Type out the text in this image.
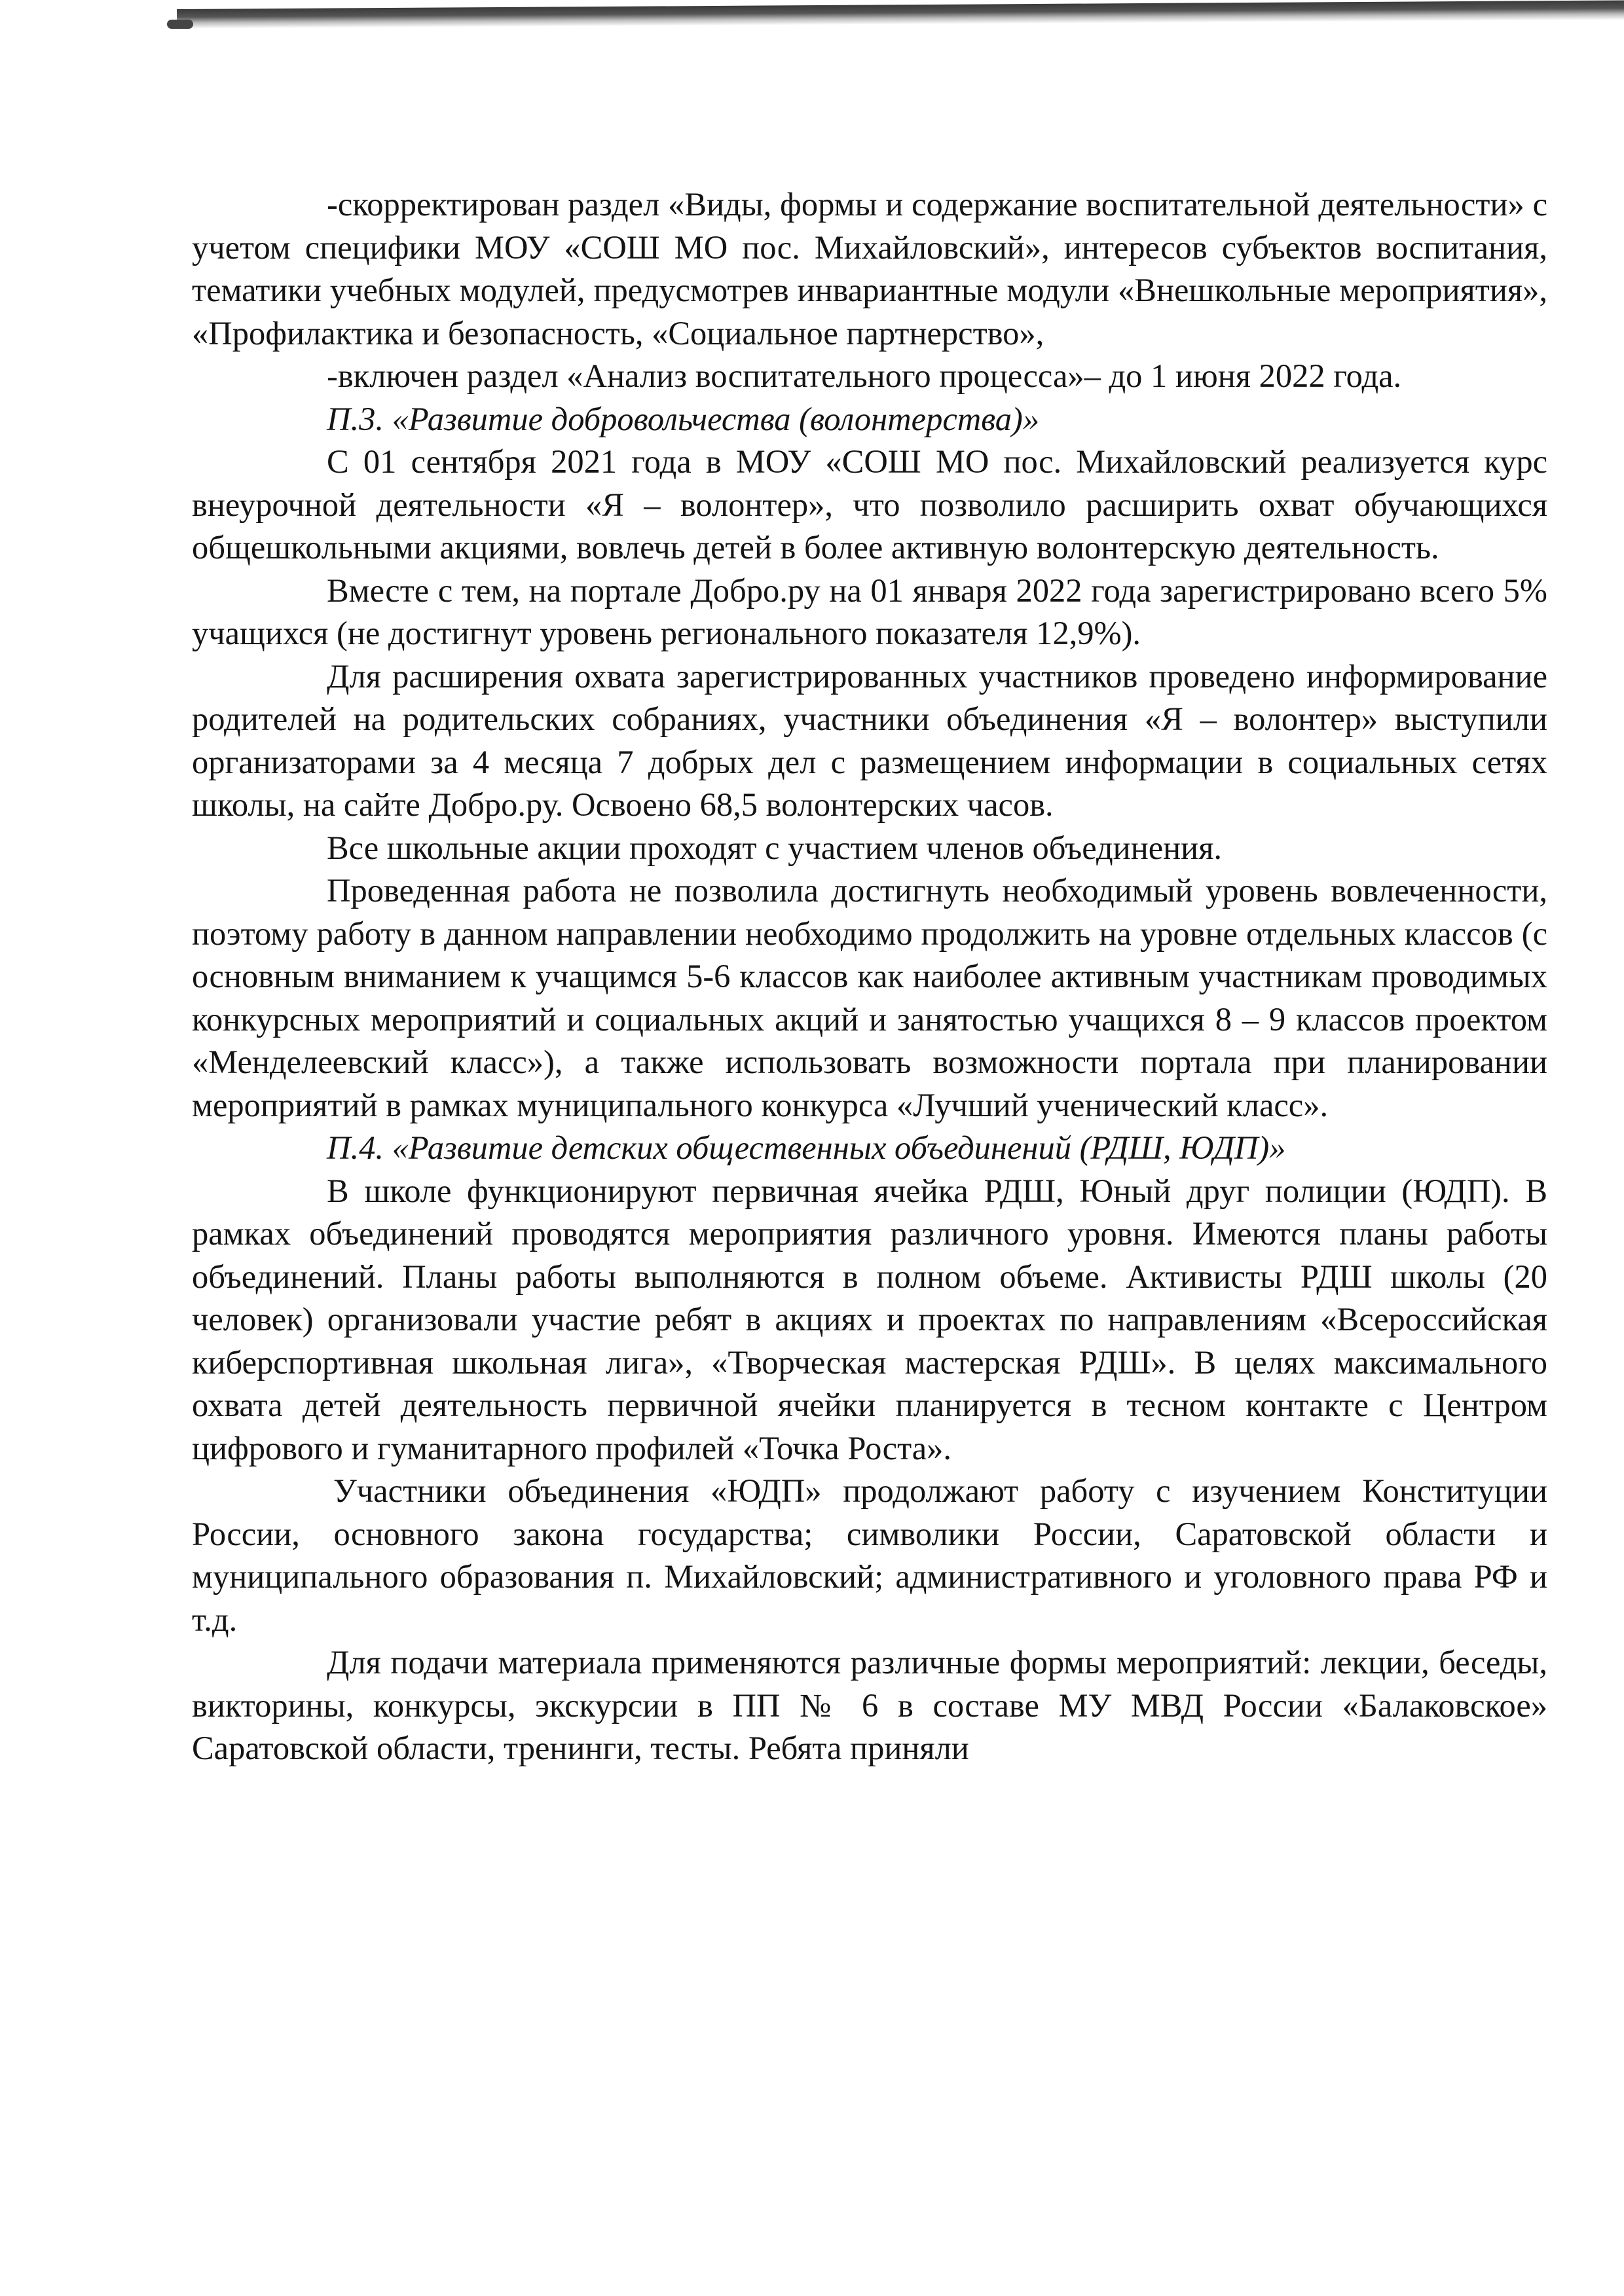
-скорректирован раздел «Виды, формы и содержание воспитательной деятельности» с учетом специфики МОУ «СОШ МО пос. Михайловский», интересов субъектов воспитания, тематики учебных модулей, предусмотрев инвариантные модули «Внешкольные мероприятия», «Профилактика и безопасность, «Социальное партнерство»,

-включен раздел «Анализ воспитательного процесса»– до 1 июня 2022 года.

П.3. «Развитие добровольчества (волонтерства)»

С 01 сентября 2021 года в МОУ «СОШ МО пос. Михайловский реализуется курс внеурочной деятельности «Я – волонтер», что позволило расширить охват обучающихся общешкольными акциями, вовлечь детей в более активную волонтерскую деятельность.

Вместе с тем, на портале Добро.ру на 01 января 2022 года зарегистрировано всего 5% учащихся (не достигнут уровень регионального показателя 12,9%).

Для расширения охвата зарегистрированных участников проведено информирование родителей на родительских собраниях, участники объединения «Я – волонтер» выступили организаторами за 4 месяца 7 добрых дел с размещением информации в социальных сетях школы, на сайте Добро.ру. Освоено 68,5 волонтерских часов.

Все школьные акции проходят с участием членов объединения.

Проведенная работа не позволила достигнуть необходимый уровень вовлеченности, поэтому работу в данном направлении необходимо продолжить на уровне отдельных классов (с основным вниманием к учащимся 5-6 классов как наиболее активным участникам проводимых конкурсных мероприятий и социальных акций и занятостью учащихся 8 – 9 классов проектом «Менделеевский класс»), а также использовать возможности портала при планировании мероприятий в рамках муниципального конкурса «Лучший ученический класс».

П.4. «Развитие детских общественных объединений (РДШ, ЮДП)»

В школе функционируют первичная ячейка РДШ, Юный друг полиции (ЮДП). В рамках объединений проводятся мероприятия различного уровня. Имеются планы работы объединений. Планы работы выполняются в полном объеме. Активисты РДШ школы (20 человек) организовали участие ребят в акциях и проектах по направлениям «Всероссийская киберспортивная школьная лига», «Творческая мастерская РДШ». В целях максимального охвата детей деятельность первичной ячейки планируется в тесном контакте с Центром цифрового и гуманитарного профилей «Точка Роста».

Участники объединения «ЮДП» продолжают работу с изучением Конституции России, основного закона государства; символики России, Саратовской области и муниципального образования п. Михайловский; административного и уголовного права РФ и т.д.

Для подачи материала применяются различные формы мероприятий: лекции, беседы, викторины, конкурсы, экскурсии в ПП № 6 в составе МУ МВД России «Балаковское» Саратовской области, тренинги, тесты. Ребята приняли
